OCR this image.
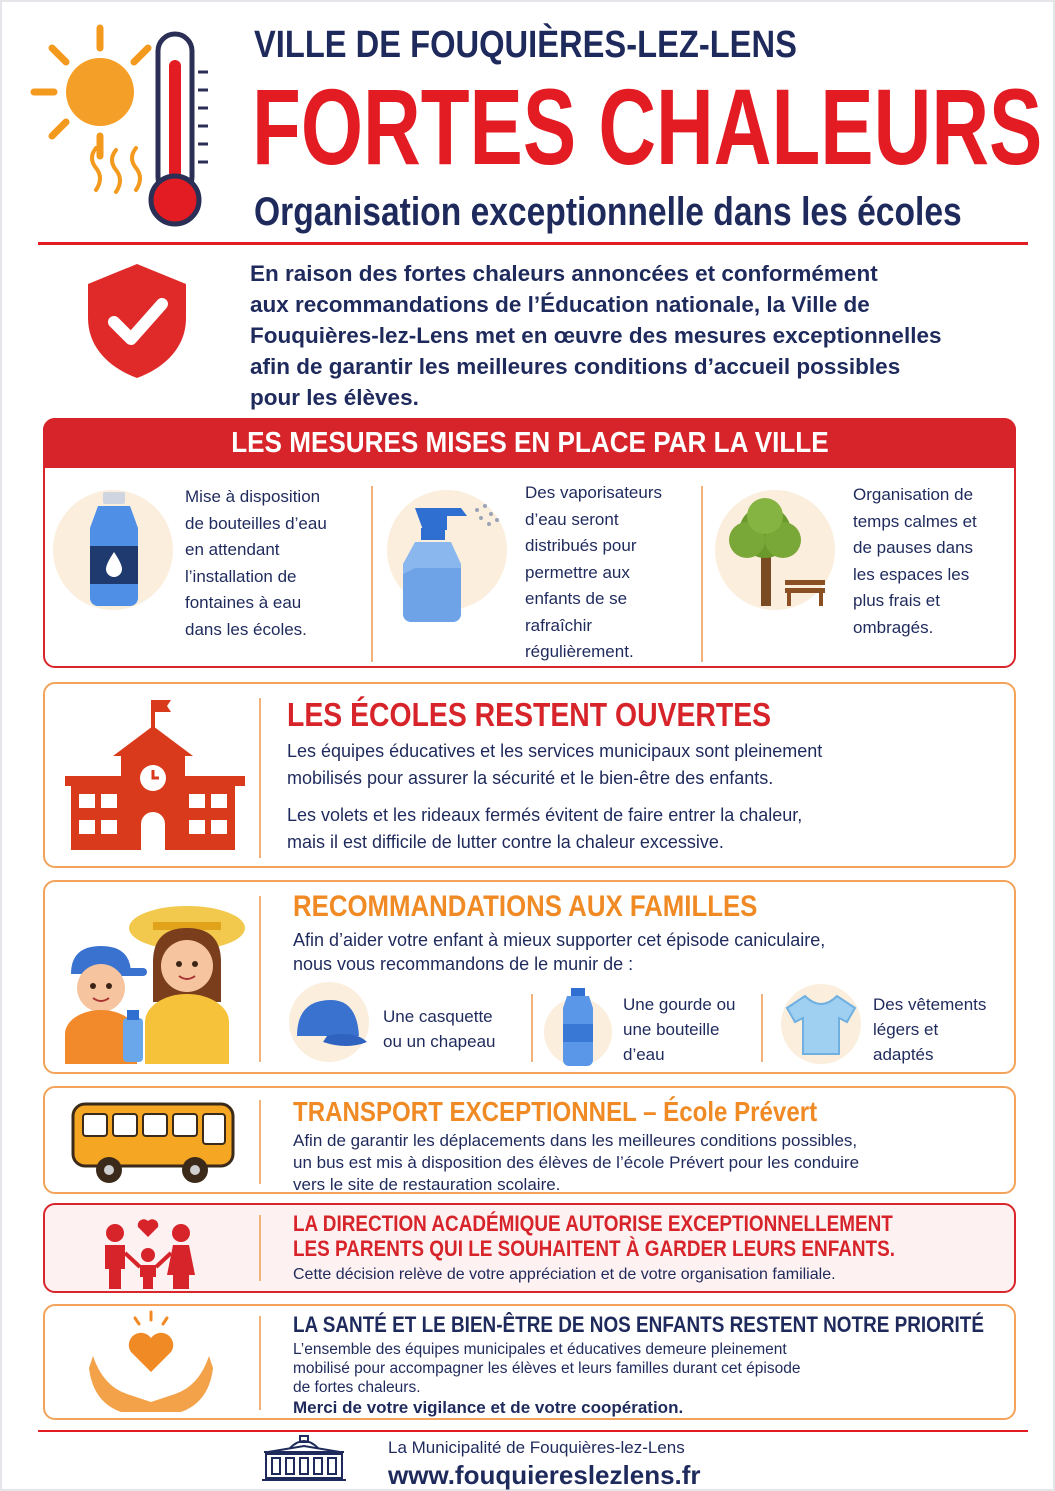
VILLE DE FOUQUIÈRES-LEZ-LENS
FORTES CHALEURS
Organisation exceptionnelle dans les écoles
En raison des fortes chaleurs annoncées et conformément
aux recommandations de l’Éducation nationale, la Ville de
Fouquières-lez-Lens met en œuvre des mesures exceptionnelles
afin de garantir les meilleures conditions d’accueil possibles
pour les élèves.
LES MESURES MISES EN PLACE PAR LA VILLE
Mise à disposition
de bouteilles d’eau
en attendant
l’installation de
fontaines à eau
dans les écoles.
Des vaporisateurs
d’eau seront
distribués pour
permettre aux
enfants de se
rafraîchir
régulièrement.
Organisation de
temps calmes et
de pauses dans
les espaces les
plus frais et
ombragés.
LES ÉCOLES RESTENT OUVERTES
Les équipes éducatives et les services municipaux sont pleinement
mobilisés pour assurer la sécurité et le bien-être des enfants.
Les volets et les rideaux fermés évitent de faire entrer la chaleur,
mais il est difficile de lutter contre la chaleur excessive.
RECOMMANDATIONS AUX FAMILLES
Afin d’aider votre enfant à mieux supporter cet épisode caniculaire,
nous vous recommandons de le munir de :
Une casquette
ou un chapeau
Une gourde ou
une bouteille
d’eau
Des vêtements
légers et
adaptés
TRANSPORT EXCEPTIONNEL – École Prévert
Afin de garantir les déplacements dans les meilleures conditions possibles,
un bus est mis à disposition des élèves de l’école Prévert pour les conduire
vers le site de restauration scolaire.
LA DIRECTION ACADÉMIQUE AUTORISE EXCEPTIONNELLEMENT
LES PARENTS QUI LE SOUHAITENT À GARDER LEURS ENFANTS.
Cette décision relève de votre appréciation et de votre organisation familiale.
LA SANTÉ ET LE BIEN-ÊTRE DE NOS ENFANTS RESTENT NOTRE PRIORITÉ
L’ensemble des équipes municipales et éducatives demeure pleinement
mobilisé pour accompagner les élèves et leurs familles durant cet épisode
de fortes chaleurs.
Merci de votre vigilance et de votre coopération.
La Municipalité de Fouquières-lez-Lens
www.fouquiereslezlens.fr
